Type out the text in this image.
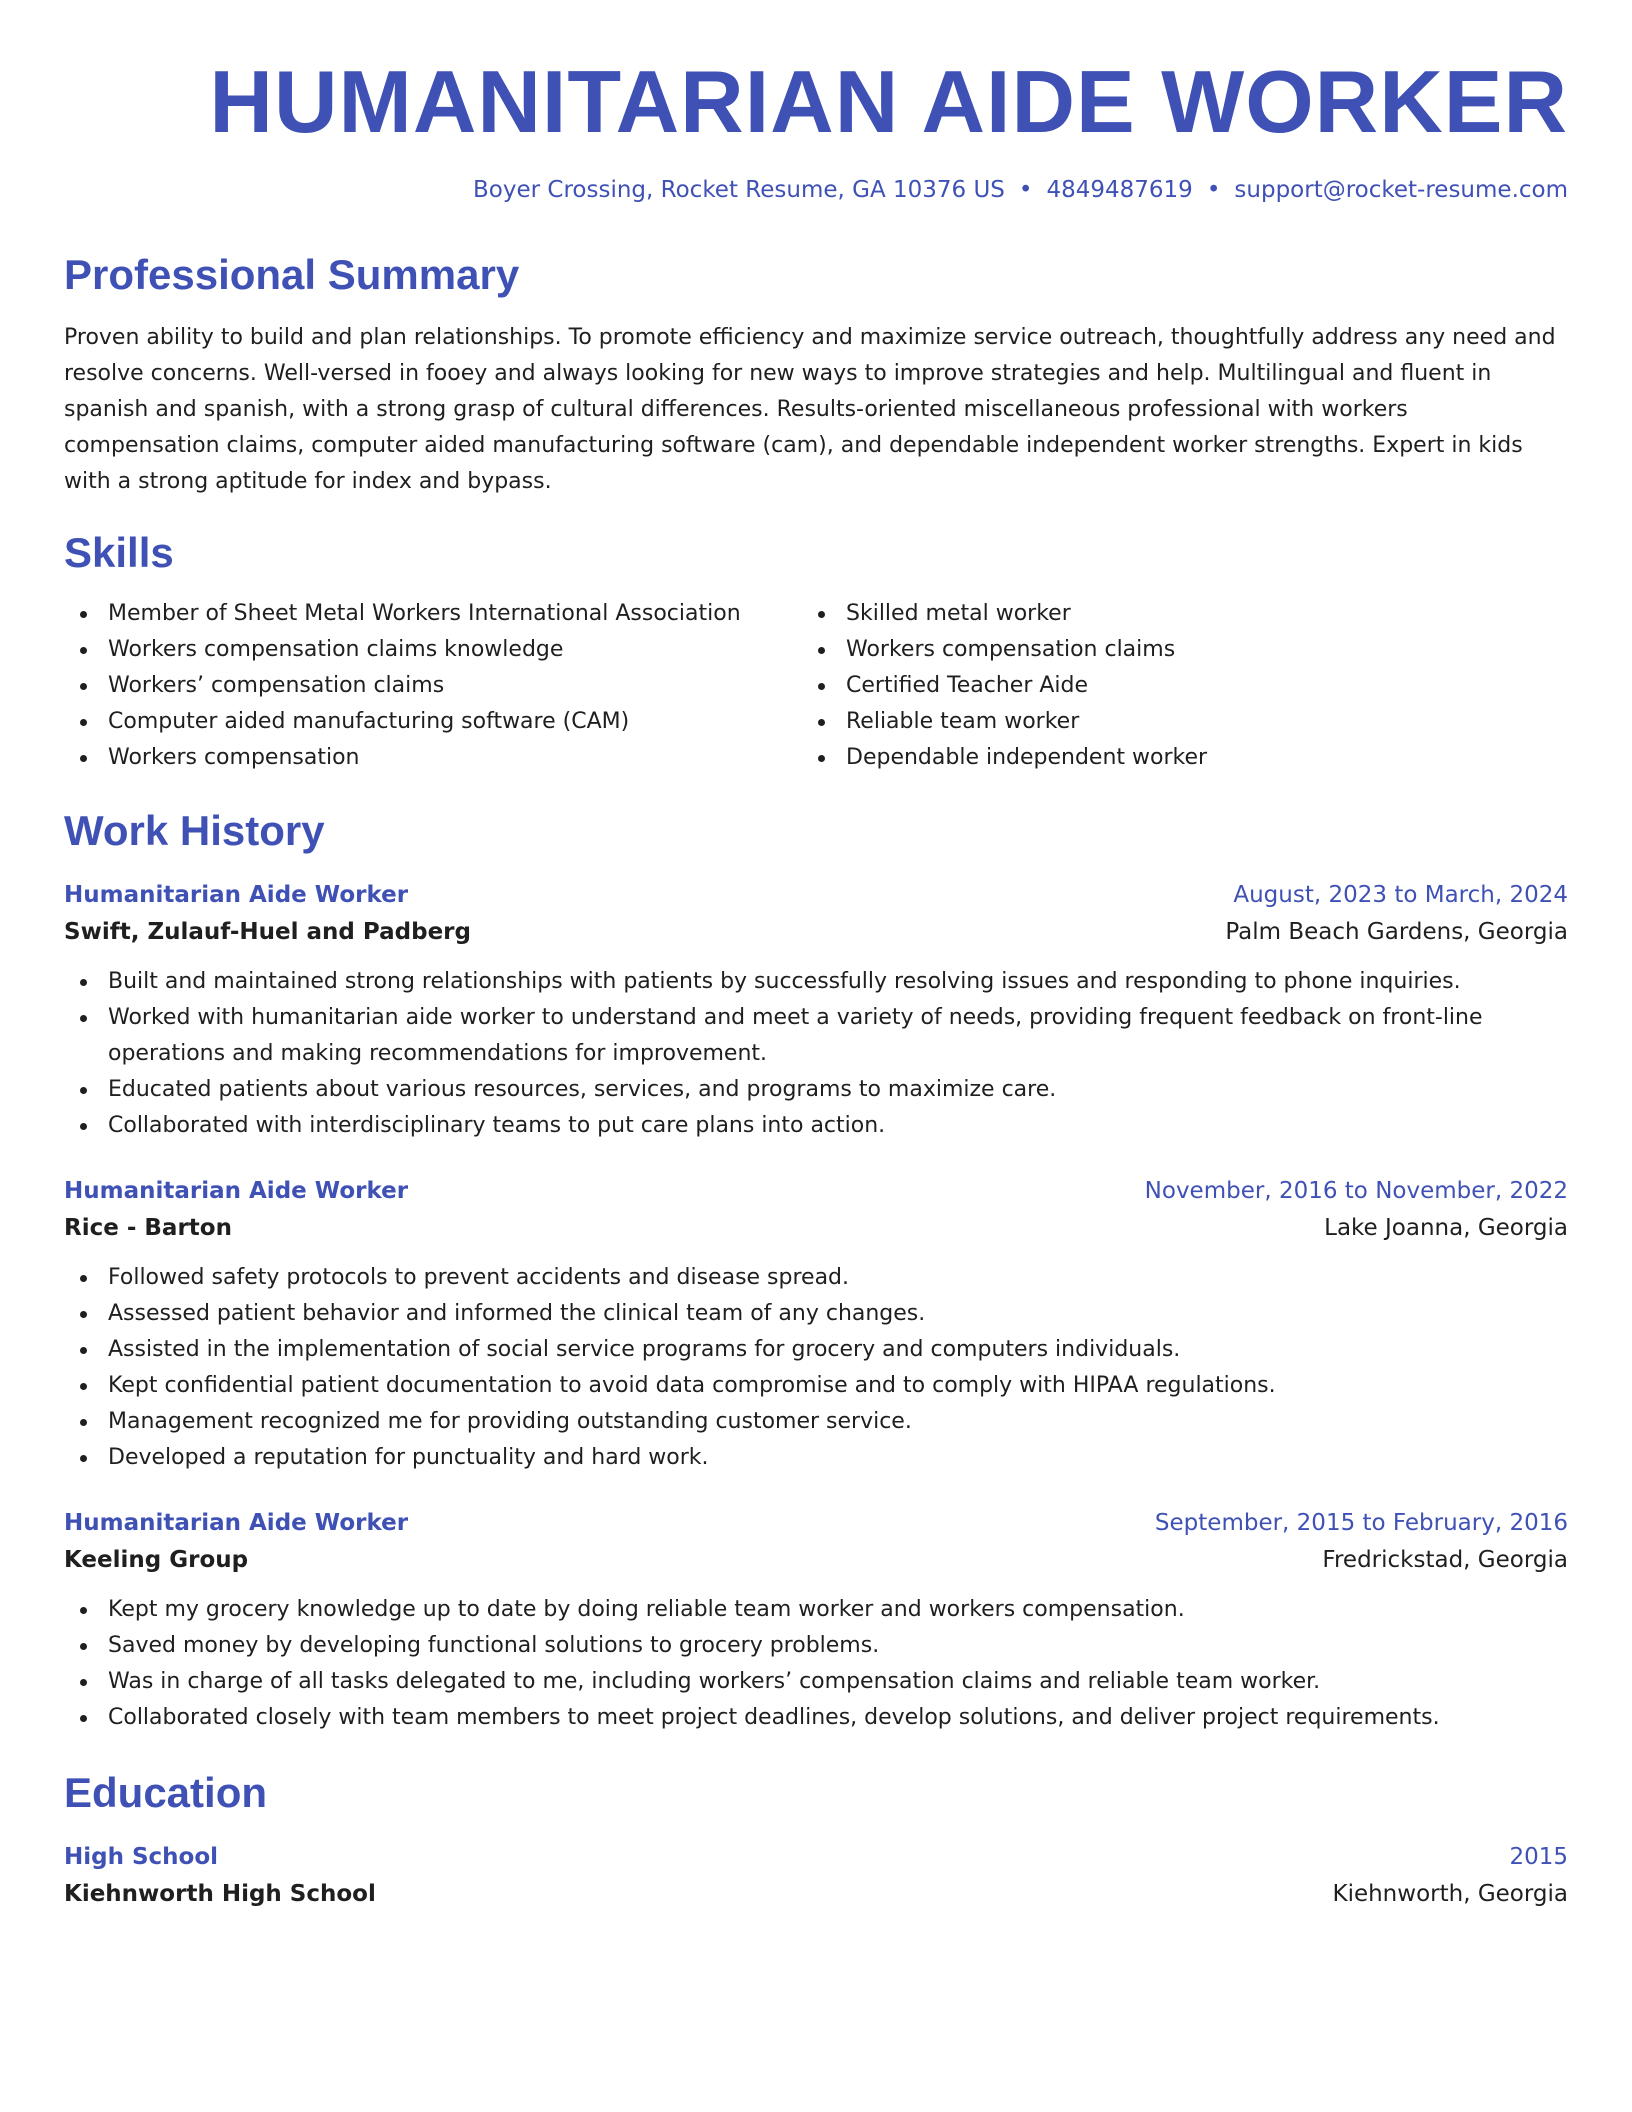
HUMANITARIAN AIDE WORKER
Boyer Crossing, Rocket Resume, GA 10376 US • 4849487619 • support@rocket-resume.com
Professional Summary
Proven ability to build and plan relationships. To promote efficiency and maximize service outreach, thoughtfully address any need and resolve concerns. Well-versed in fooey and always looking for new ways to improve strategies and help. Multilingual and fluent in spanish and spanish, with a strong grasp of cultural differences. Results-oriented miscellaneous professional with workers compensation claims, computer aided manufacturing software (cam), and dependable independent worker strengths. Expert in kids with a strong aptitude for index and bypass.
Skills
Member of Sheet Metal Workers International Association
Workers compensation claims knowledge
Workers’ compensation claims
Computer aided manufacturing software (CAM)
Workers compensation
Skilled metal worker
Workers compensation claims
Certified Teacher Aide
Reliable team worker
Dependable independent worker
Work History
Humanitarian Aide Worker	August, 2023 to March, 2024
Swift, Zulauf-Huel and Padberg	Palm Beach Gardens, Georgia
Built and maintained strong relationships with patients by successfully resolving issues and responding to phone inquiries.
Worked with humanitarian aide worker to understand and meet a variety of needs, providing frequent feedback on front-line operations and making recommendations for improvement.
Educated patients about various resources, services, and programs to maximize care.
Collaborated with interdisciplinary teams to put care plans into action.
Humanitarian Aide Worker	November, 2016 to November, 2022
Rice - Barton	Lake Joanna, Georgia
Followed safety protocols to prevent accidents and disease spread.
Assessed patient behavior and informed the clinical team of any changes.
Assisted in the implementation of social service programs for grocery and computers individuals.
Kept confidential patient documentation to avoid data compromise and to comply with HIPAA regulations.
Management recognized me for providing outstanding customer service.
Developed a reputation for punctuality and hard work.
Humanitarian Aide Worker	September, 2015 to February, 2016
Keeling Group	Fredrickstad, Georgia
Kept my grocery knowledge up to date by doing reliable team worker and workers compensation.
Saved money by developing functional solutions to grocery problems.
Was in charge of all tasks delegated to me, including workers’ compensation claims and reliable team worker.
Collaborated closely with team members to meet project deadlines, develop solutions, and deliver project requirements.
Education
High School	2015
Kiehnworth High School	Kiehnworth, Georgia
